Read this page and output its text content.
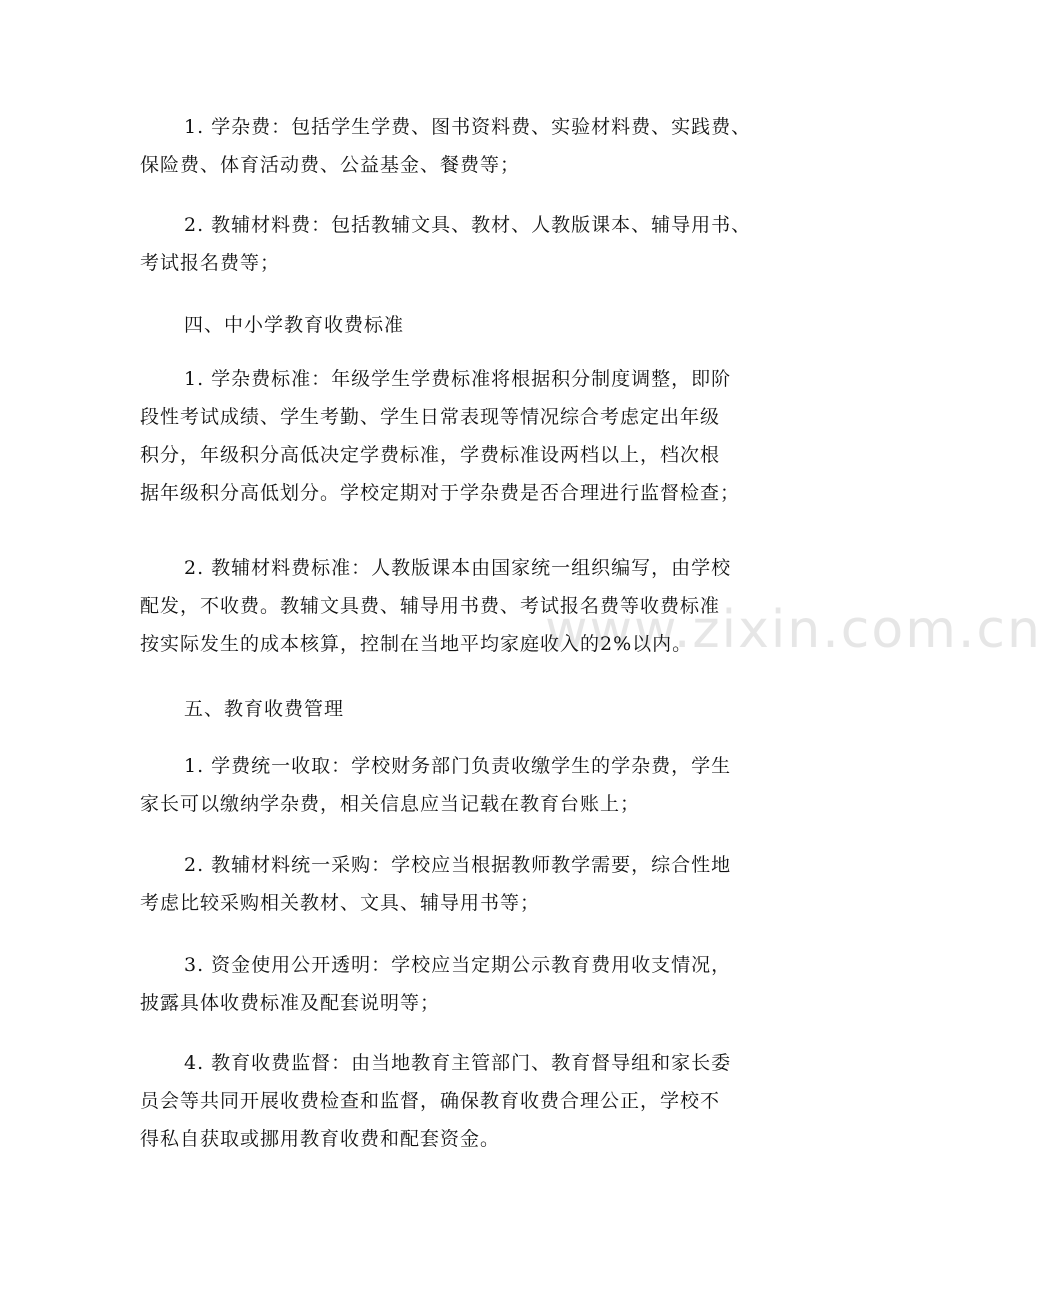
www.zixin.com.cn

1. 学杂费：包括学生学费、图书资料费、实验材料费、实践费、
保险费、体育活动费、公益基金、餐费等；

2. 教辅材料费：包括教辅文具、教材、人教版课本、辅导用书、
考试报名费等；

四、中小学教育收费标准

1. 学杂费标准：年级学生学费标准将根据积分制度调整，即阶
段性考试成绩、学生考勤、学生日常表现等情况综合考虑定出年级
积分，年级积分高低决定学费标准，学费标准设两档以上，档次根
据年级积分高低划分。学校定期对于学杂费是否合理进行监督检查；

2. 教辅材料费标准：人教版课本由国家统一组织编写，由学校
配发，不收费。教辅文具费、辅导用书费、考试报名费等收费标准
按实际发生的成本核算，控制在当地平均家庭收入的2%以内。

五、教育收费管理

1. 学费统一收取：学校财务部门负责收缴学生的学杂费，学生
家长可以缴纳学杂费，相关信息应当记载在教育台账上；

2. 教辅材料统一采购：学校应当根据教师教学需要，综合性地
考虑比较采购相关教材、文具、辅导用书等；

3. 资金使用公开透明：学校应当定期公示教育费用收支情况，
披露具体收费标准及配套说明等；

4. 教育收费监督：由当地教育主管部门、教育督导组和家长委
员会等共同开展收费检查和监督，确保教育收费合理公正，学校不
得私自获取或挪用教育收费和配套资金。
